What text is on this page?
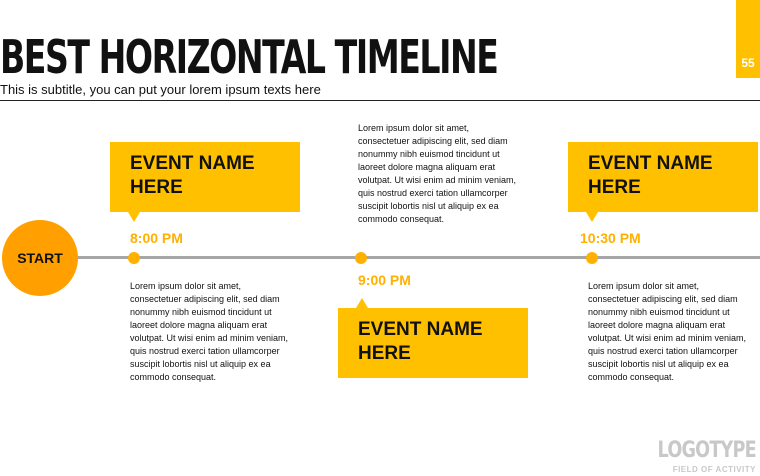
BEST HORIZONTAL TIMELINE
This is subtitle, you can put your lorem ipsum texts here
55
START
EVENT NAME
HERE
8:00 PM
Lorem ipsum dolor sit amet, consectetuer adipiscing elit, sed diam nonummy nibh euismod tincidunt ut laoreet dolore magna aliquam erat volutpat. Ut wisi enim ad minim veniam, quis nostrud exerci tation ullamcorper suscipit lobortis nisl ut aliquip ex ea commodo consequat.
Lorem ipsum dolor sit amet, consectetuer adipiscing elit, sed diam nonummy nibh euismod tincidunt ut laoreet dolore magna aliquam erat volutpat. Ut wisi enim ad minim veniam, quis nostrud exerci tation ullamcorper suscipit lobortis nisl ut aliquip ex ea commodo consequat.
9:00 PM
EVENT NAME
HERE
EVENT NAME
HERE
10:30 PM
Lorem ipsum dolor sit amet, consectetuer adipiscing elit, sed diam nonummy nibh euismod tincidunt ut laoreet dolore magna aliquam erat volutpat. Ut wisi enim ad minim veniam, quis nostrud exerci tation ullamcorper suscipit lobortis nisl ut aliquip ex ea commodo consequat.
LOGOTYPE
FIELD OF ACTIVITY
